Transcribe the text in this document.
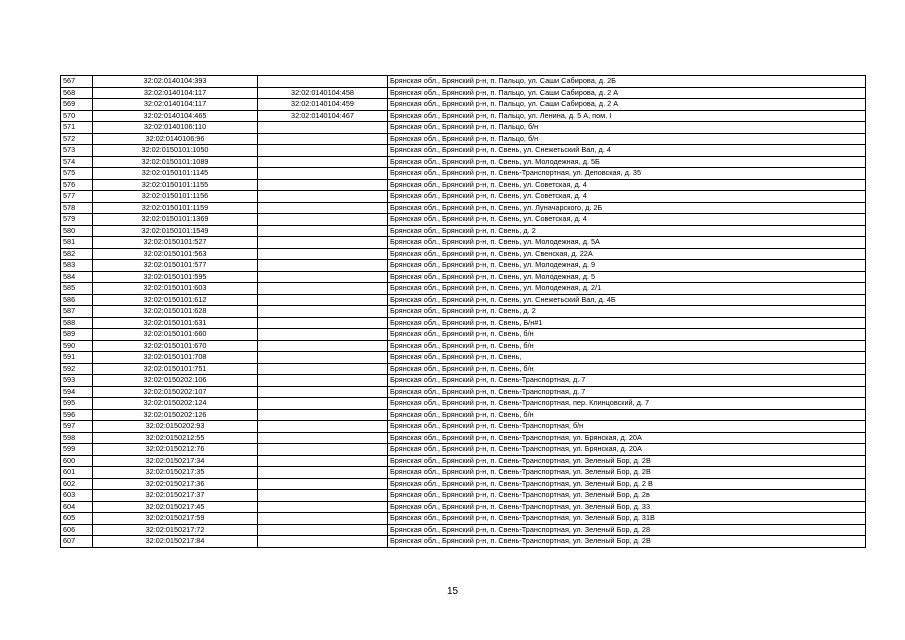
567	32:02:0140104:393		Брянская обл., Брянский р-н, п. Пальцо, ул. Саши Сабирова, д. 2Б
568	32:02:0140104:117	32:02:0140104:458	Брянская обл., Брянский р-н, п. Пальцо, ул. Саши Сабирова, д. 2 А
569	32:02:0140104:117	32:02:0140104:459	Брянская обл., Брянский р-н, п. Пальцо, ул. Саши Сабирова, д. 2 А
570	32:02:0140104:465	32:02:0140104:467	Брянская обл., Брянский р-н, п. Пальцо, ул. Ленина, д. 5 А, пом. I
571	32:02:0140106:110		Брянская обл., Брянский р-н, п. Пальцо, б/н
572	32:02:0140106:96		Брянская обл., Брянский р-н, п. Пальцо, б/н
573	32:02:0150101:1050		Брянская обл., Брянский р-н, п. Свень, ул. Снежетьский Вал, д. 4
574	32:02:0150101:1089		Брянская обл., Брянский р-н, п. Свень, ул. Молодежная, д. 5Б
575	32:02:0150101:1145		Брянская обл., Брянский р-н, п. Свень-Транспортная, ул. Деповская, д. 35
576	32:02:0150101:1155		Брянская обл., Брянский р-н, п. Свень, ул. Советская, д. 4
577	32:02:0150101:1156		Брянская обл., Брянский р-н, п. Свень, ул. Советская, д. 4
578	32:02:0150101:1159		Брянская обл., Брянский р-н, п. Свень, ул. Луначарского, д. 2Б
579	32:02:0150101:1369		Брянская обл., Брянский р-н, п. Свень, ул. Советская, д. 4
580	32:02:0150101:1549		Брянская обл., Брянский р-н, п. Свень, д. 2
581	32:02:0150101:527		Брянская обл., Брянский р-н, п. Свень, ул. Молодежная, д. 5А
582	32:02:0150101:563		Брянская обл., Брянский р-н, п. Свень, ул. Свенская, д. 22А
583	32:02:0150101:577		Брянская обл., Брянский р-н, п. Свень, ул. Молодежная, д. 9
584	32:02:0150101:595		Брянская обл., Брянский р-н, п. Свень, ул. Молодежная, д. 5
585	32:02:0150101:603		Брянская обл., Брянский р-н, п. Свень, ул. Молодежная, д. 2/1
586	32:02:0150101:612		Брянская обл., Брянский р-н, п. Свень, ул. Снежетьский Вал, д. 4Б
587	32:02:0150101:628		Брянская обл., Брянский р-н, п. Свень, д. 2
588	32:02:0150101:631		Брянская обл., Брянский р-н, п. Свень, Б/н#1
589	32:02:0150101:660		Брянская обл., Брянский р-н, п. Свень, б/н
590	32:02:0150101:670		Брянская обл., Брянский р-н, п. Свень, б/н
591	32:02:0150101:708		Брянская обл., Брянский р-н, п. Свень,
592	32:02:0150101:751		Брянская обл., Брянский р-н, п. Свень, б/н
593	32:02:0150202:106		Брянская обл., Брянский р-н, п. Свень-Транспортная, д. 7
594	32:02:0150202:107		Брянская обл., Брянский р-н, п. Свень-Транспортная, д. 7
595	32:02:0150202:124		Брянская обл., Брянский р-н, п. Свень-Транспортная, пер. Клинцовский, д. 7
596	32:02:0150202:126		Брянская обл., Брянский р-н, п. Свень, б/н
597	32:02:0150202:93		Брянская обл., Брянский р-н, п. Свень-Транспортная, б/н
598	32:02:0150212:55		Брянская обл., Брянский р-н, п. Свень-Транспортная, ул. Брянская, д. 20А
599	32:02:0150212:76		Брянская обл., Брянский р-н, п. Свень-Транспортная, ул. Брянская, д. 20А
600	32:02:0150217:34		Брянская обл., Брянский р-н, п. Свень-Транспортная, ул. Зеленый Бор, д. 2В
601	32:02:0150217:35		Брянская обл., Брянский р-н, п. Свень-Транспортная, ул. Зеленый Бор, д. 2В
602	32:02:0150217:36		Брянская обл., Брянский р-н, п. Свень-Транспортная, ул. Зеленый Бор, д. 2 В
603	32:02:0150217:37		Брянская обл., Брянский р-н, п. Свень-Транспортная, ул. Зеленый Бор, д. 2в
604	32:02:0150217:45		Брянская обл., Брянский р-н, п. Свень-Транспортная, ул. Зеленый Бор, д. 33
605	32:02:0150217:59		Брянская обл., Брянский р-н, п. Свень-Транспортная, ул. Зеленый Бор, д. 31В
606	32:02:0150217:72		Брянская обл., Брянский р-н, п. Свень-Транспортная, ул. Зеленый Бор, д. 28
607	32:02:0150217:84		Брянская обл., Брянский р-н, п. Свень-Транспортная, ул. Зеленый Бор, д. 2В
15
